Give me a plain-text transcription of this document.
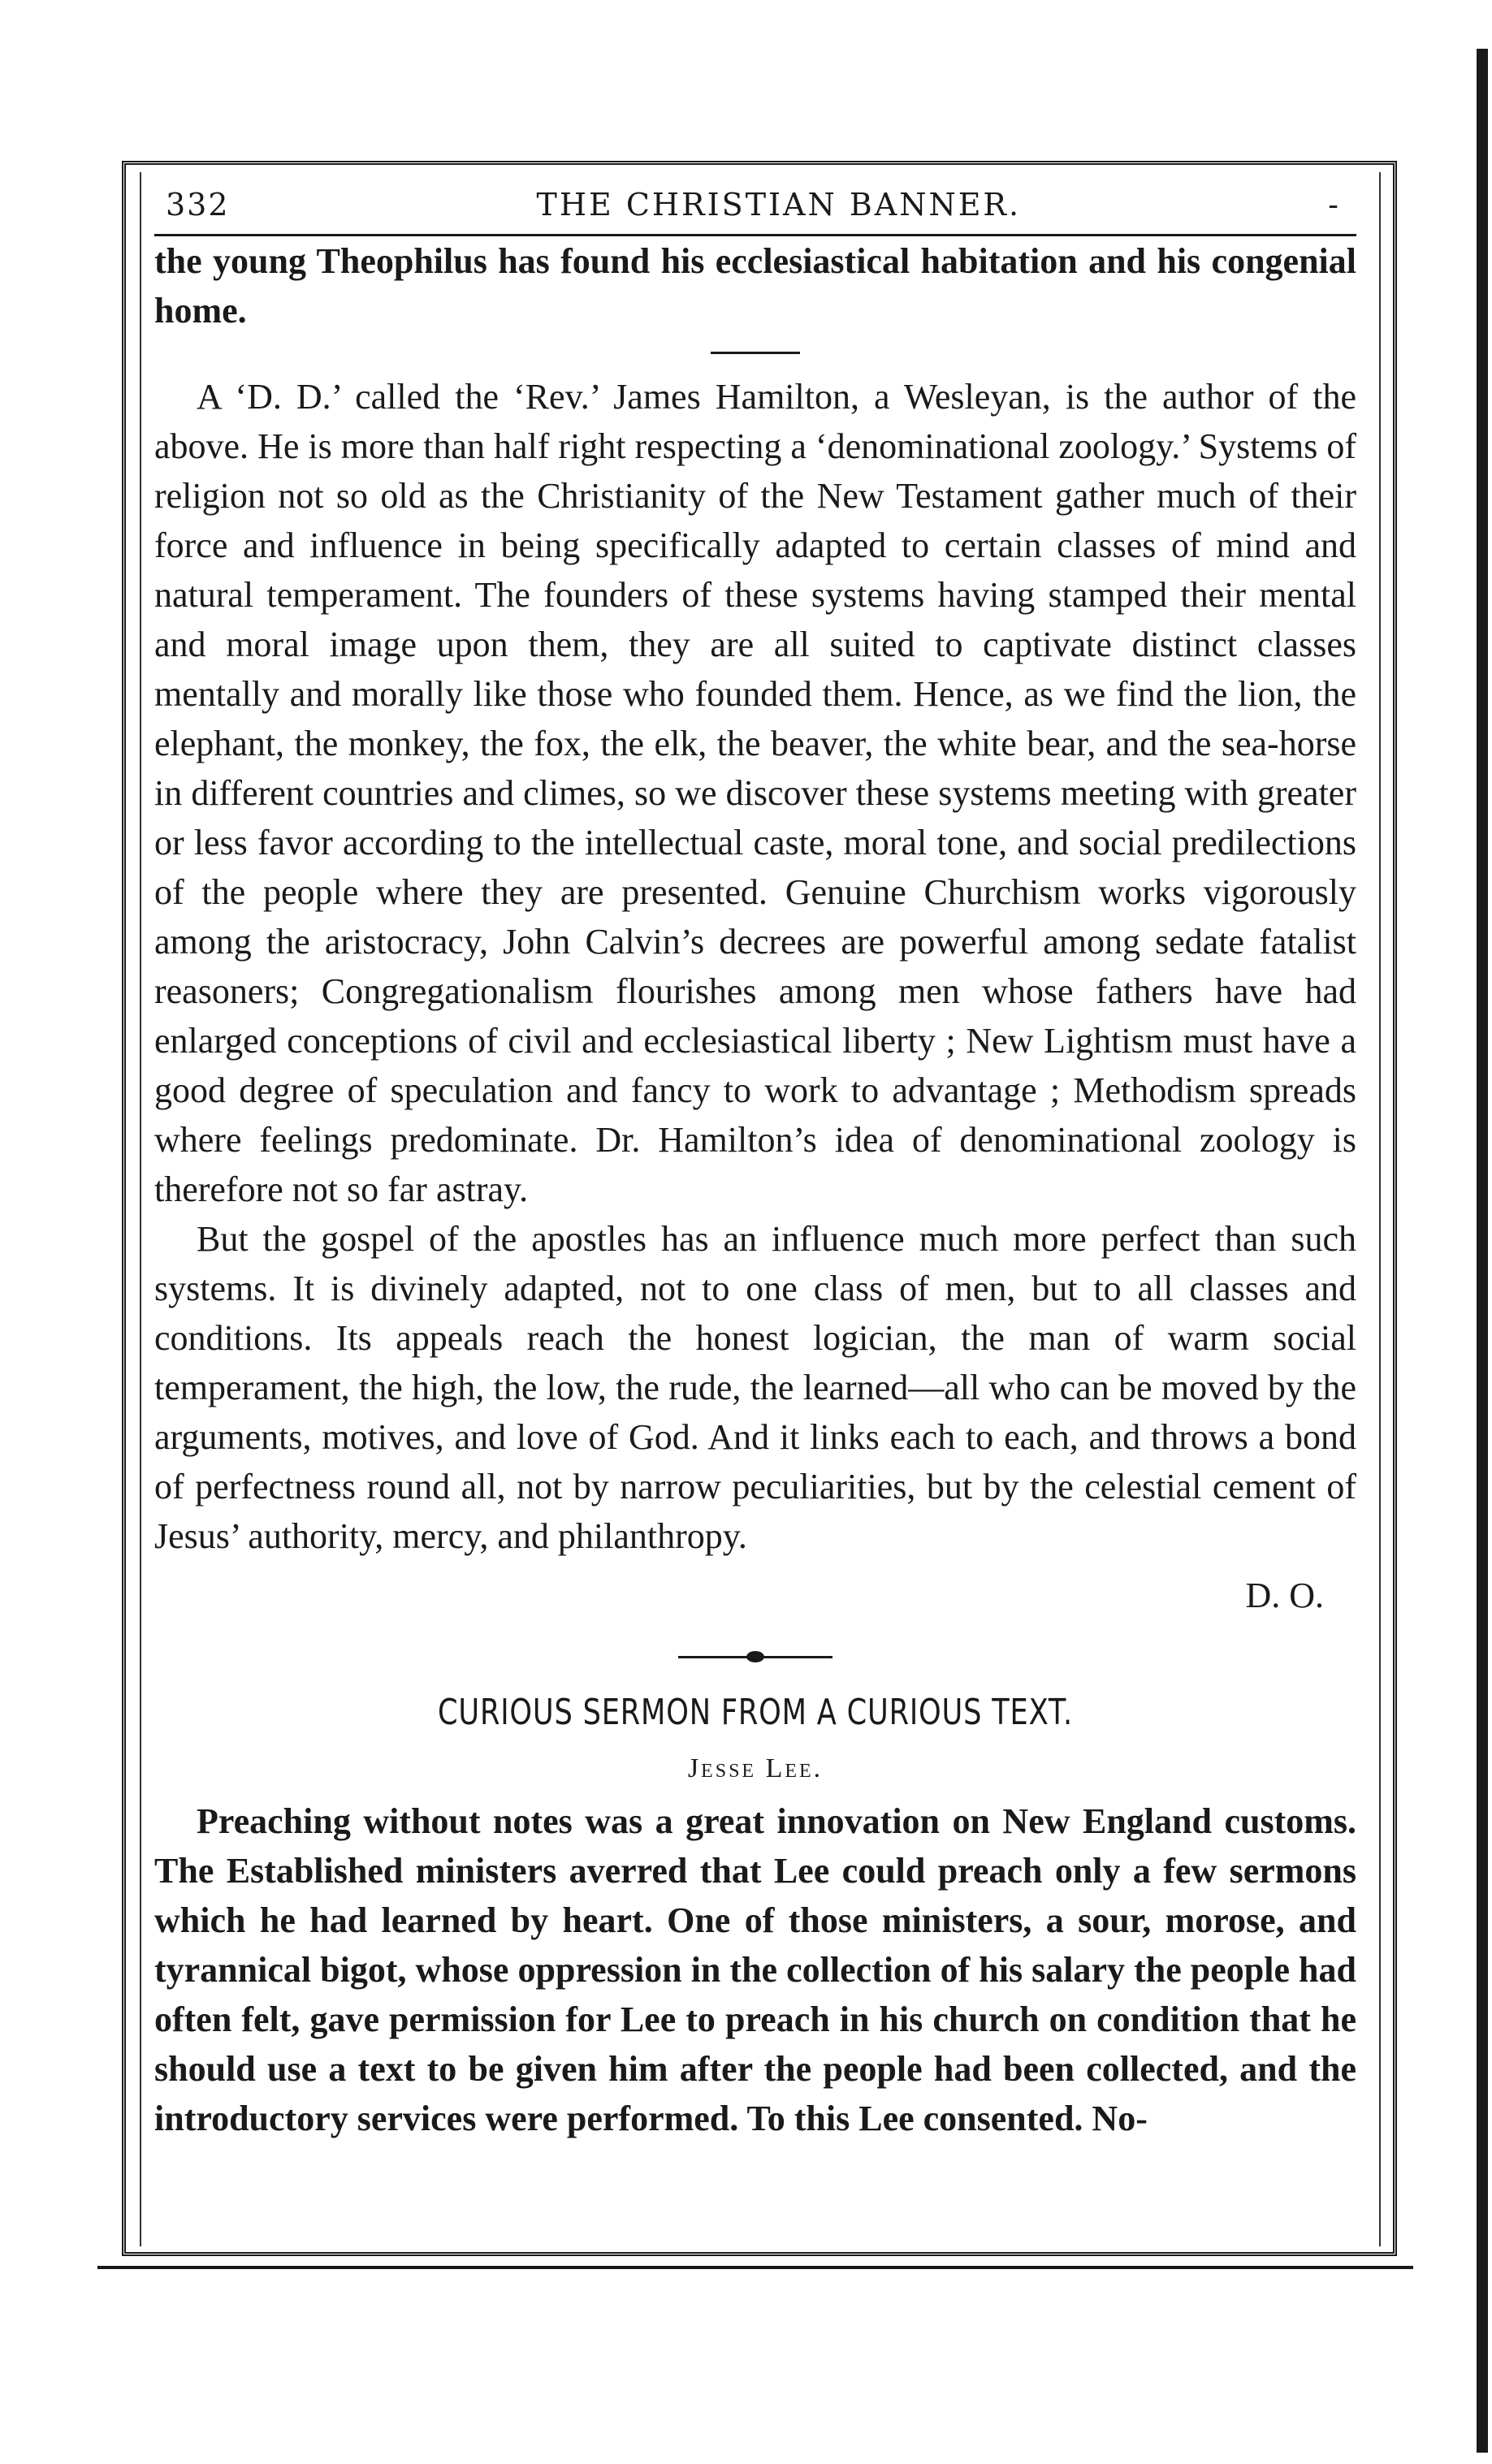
332	THE CHRISTIAN BANNER.	-

the young Theophilus has found his ecclesiastical habitation and his congenial home.

A ‘D. D.’ called the ‘Rev.’ James Hamilton, a Wesleyan, is the author of the above. He is more than half right respecting a ‘denominational zoology.’ Systems of religion not so old as the Christianity of the New Testament gather much of their force and influence in being specifically adapted to certain classes of mind and natural temperament. The founders of these systems having stamped their mental and moral image upon them, they are all suited to captivate distinct classes mentally and morally like those who founded them. Hence, as we find the lion, the elephant, the monkey, the fox, the elk, the beaver, the white bear, and the sea-horse in different countries and climes, so we discover these systems meeting with greater or less favor according to the intellectual caste, moral tone, and social predilections of the people where they are presented. Genuine Churchism works vigorously among the aristocracy, John Calvin’s decrees are powerful among sedate fatalist reasoners; Congregationalism flourishes among men whose fathers have had enlarged conceptions of civil and ecclesiastical liberty ; New Lightism must have a good degree of speculation and fancy to work to advantage ; Methodism spreads where feelings predominate. Dr. Hamilton’s idea of denominational zoology is therefore not so far astray.

But the gospel of the apostles has an influence much more perfect than such systems. It is divinely adapted, not to one class of men, but to all classes and conditions. Its appeals reach the honest logician, the man of warm social temperament, the high, the low, the rude, the learned—all who can be moved by the arguments, motives, and love of God. And it links each to each, and throws a bond of perfectness round all, not by narrow peculiarities, but by the celestial cement of Jesus’ authority, mercy, and philanthropy.

D. O.

CURIOUS SERMON FROM A CURIOUS TEXT.

Jesse Lee.

Preaching without notes was a great innovation on New England customs. The Established ministers averred that Lee could preach only a few sermons which he had learned by heart. One of those ministers, a sour, morose, and tyrannical bigot, whose oppression in the collection of his salary the people had often felt, gave permission for Lee to preach in his church on condition that he should use a text to be given him after the people had been collected, and the introductory services were performed. To this Lee consented. No-
